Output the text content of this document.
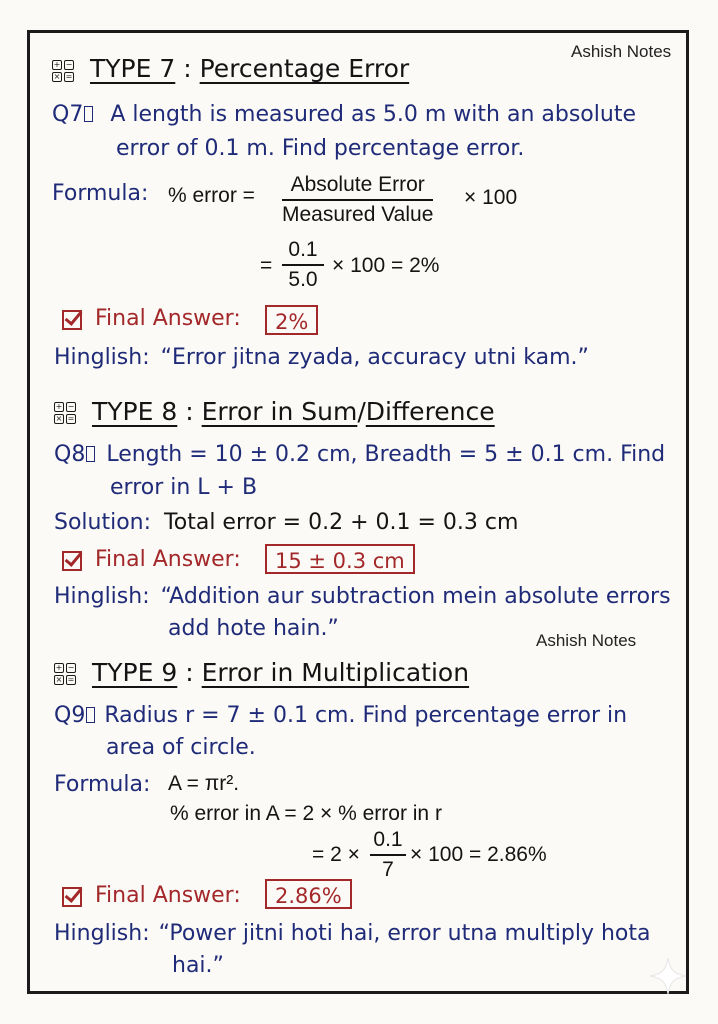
Ashish Notes
+ −
× = TYPE 7 : Percentage Error
Q7 A length is measured as 5.0 m with an absolute
error of 0.1 m. Find percentage error.
Formula: % error =	Absolute Error
Measured Value
× 100
= $\frac{0.1}{5.0} \times 100 = 2\%$
Final Answer:	2%
Hinglish: “Error jitna zyada, accuracy utni kam.”
+ −
× = TYPE 8 : Error in Sum/Difference
Q8 Length = 10 ± 0.2 cm, Breadth = 5 ± 0.1 cm. Find
error in L + B
Solution: Total error = 0.2 + 0.1 = 0.3 cm
Final Answer:	15 ± 0.3 cm
Hinglish: “Addition aur subtraction mein absolute errors
add hote hain.”	Ashish Notes
+ −
× = TYPE 9 : Error in Multiplication
Q9 Radius r = 7 ± 0.1 cm. Find percentage error in
area of circle.
Formula: A = πr².
% error in A = 2 × % error in r
= $2 \times \frac{0.1}{7} \times 100 = 2.86\%$
Final Answer:	2.86%
Hinglish: “Power jitni hoti hai, error utna multiply hota
hai.”
